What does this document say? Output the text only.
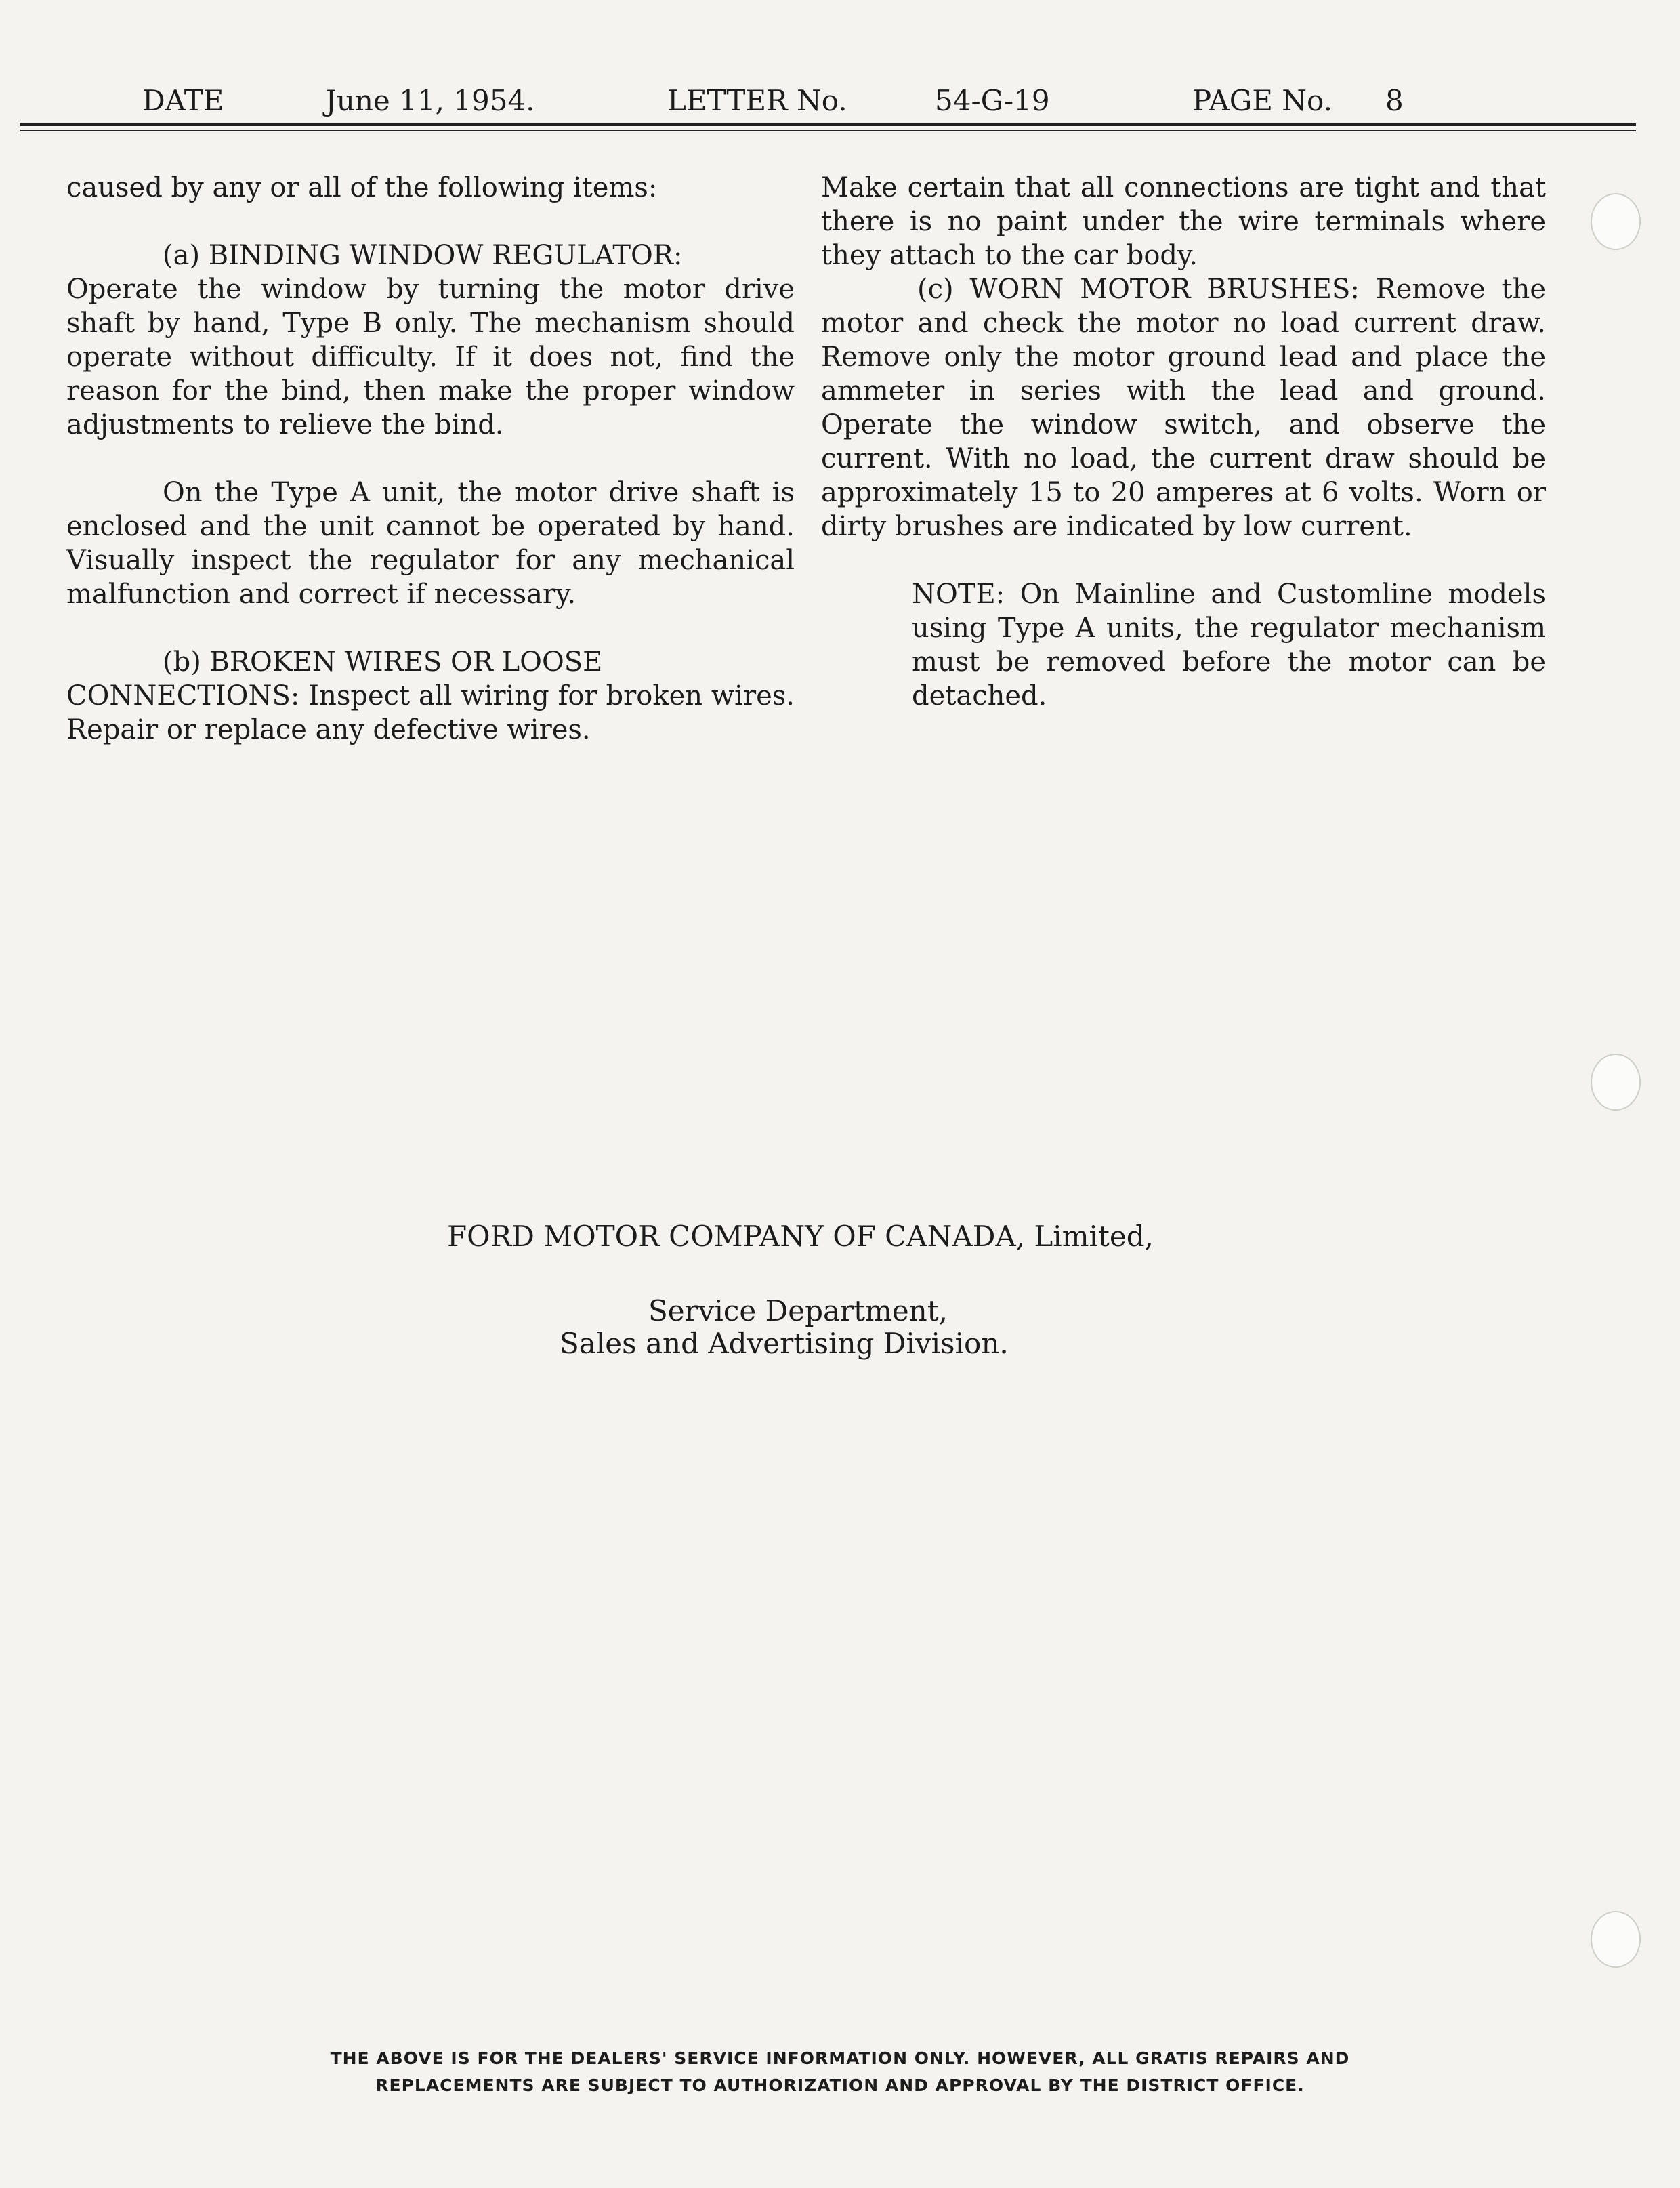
DATE	June 11, 1954.	LETTER No.	54-G-19	PAGE No. 8

caused by any or all of the following items:

(a) BINDING WINDOW REGULATOR:

Operate the window by turning the motor drive shaft by hand, Type B only. The mechanism should operate without difficulty. If it does not, find the reason for the bind, then make the proper window adjustments to relieve the bind.

On the Type A unit, the motor drive shaft is enclosed and the unit cannot be operated by hand. Visually inspect the regulator for any mechanical malfunction and correct if necessary.

(b) BROKEN WIRES OR LOOSE

CONNECTIONS: Inspect all wiring for broken wires. Repair or replace any defective wires.

Make certain that all connections are tight and that there is no paint under the wire terminals where they attach to the car body.

(c) WORN MOTOR BRUSHES: Remove the motor and check the motor no load current draw. Remove only the motor ground lead and place the ammeter in series with the lead and ground. Operate the window switch, and observe the current. With no load, the current draw should be approximately 15 to 20 amperes at 6 volts. Worn or dirty brushes are indicated by low current.

NOTE: On Mainline and Customline models using Type A units, the regulator mechanism must be removed before the motor can be detached.

FORD MOTOR COMPANY OF CANADA, Limited,
Service Department,
Sales and Advertising Division.

THE ABOVE IS FOR THE DEALERS' SERVICE INFORMATION ONLY. HOWEVER, ALL GRATIS REPAIRS AND

REPLACEMENTS ARE SUBJECT TO AUTHORIZATION AND APPROVAL BY THE DISTRICT OFFICE.
